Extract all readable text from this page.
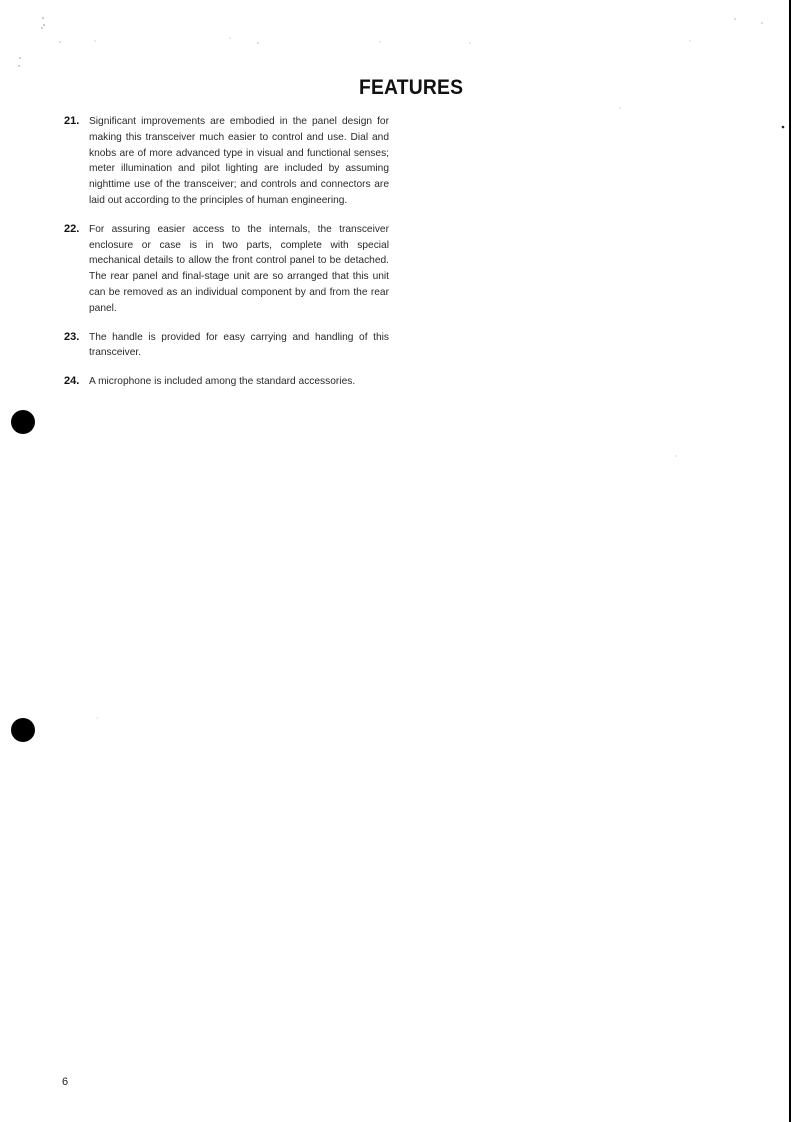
FEATURES
21. Significant improvements are embodied in the panel design for making this transceiver much easier to control and use. Dial and knobs are of more advanced type in visual and functional senses; meter illumination and pilot lighting are included by assuming nighttime use of the transceiver; and controls and connectors are laid out according to the principles of human engineering.
22. For assuring easier access to the internals, the transceiver enclosure or case is in two parts, complete with special mechanical details to allow the front control panel to be detached. The rear panel and final-stage unit are so arranged that this unit can be removed as an individual component by and from the rear panel.
23. The handle is provided for easy carrying and handling of this transceiver.
24. A microphone is included among the standard accessories.
6
